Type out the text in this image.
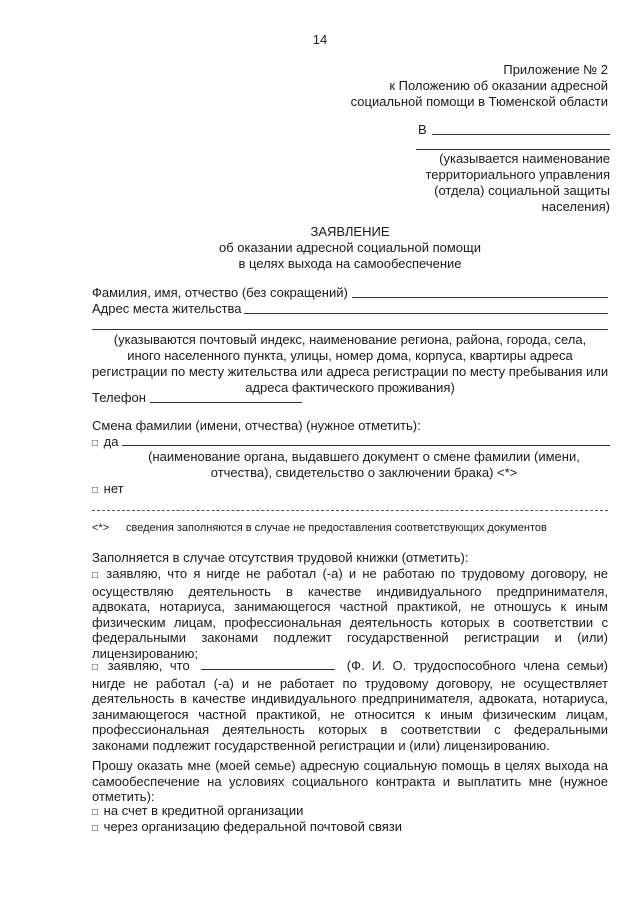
14
Приложение № 2
к Положению об оказании адресной
социальной помощи в Тюменской области
В
(указывается наименование
территориального управления
(отдела) социальной защиты
населения)
ЗАЯВЛЕНИЕ
об оказании адресной социальной помощи
в целях выхода на самообеспечение
Фамилия, имя, отчество (без сокращений)
Адрес места жительства
(указываются почтовый индекс, наименование региона, района, города, села,
иного населенного пункта, улицы, номер дома, корпуса, квартиры адреса
регистрации по месту жительства или адреса регистрации по месту пребывания или
адреса фактического проживания)
Телефон
Смена фамилии (имени, отчества) (нужное отметить):
□ да
(наименование органа, выдавшего документ о смене фамилии (имени,
отчества), свидетельство о заключении брака) <*>
□ нет
<*> сведения заполняются в случае не предоставления соответствующих документов
Заполняется в случае отсутствия трудовой книжки (отметить):
□ заявляю, что я нигде не работал (-а) и не работаю по трудовому договору, не осуществляю деятельность в качестве индивидуального предпринимателя, адвоката, нотариуса, занимающегося частной практикой, не отношусь к иным физическим лицам, профессиональная деятельность которых в соответствии с федеральными законами подлежит государственной регистрации и (или) лицензированию;
□ заявляю, что	(Ф. И. О. трудоспособного члена семьи) нигде не работал (-а) и не работает по трудовому договору, не осуществляет деятельность в качестве индивидуального предпринимателя, адвоката, нотариуса, занимающегося частной практикой, не относится к иным физическим лицам, профессиональная деятельность которых в соответствии с федеральными законами подлежит государственной регистрации и (или) лицензированию.
Прошу оказать мне (моей семье) адресную социальную помощь в целях выхода на самообеспечение на условиях социального контракта и выплатить мне (нужное отметить):
□ на счет в кредитной организации
□ через организацию федеральной почтовой связи
